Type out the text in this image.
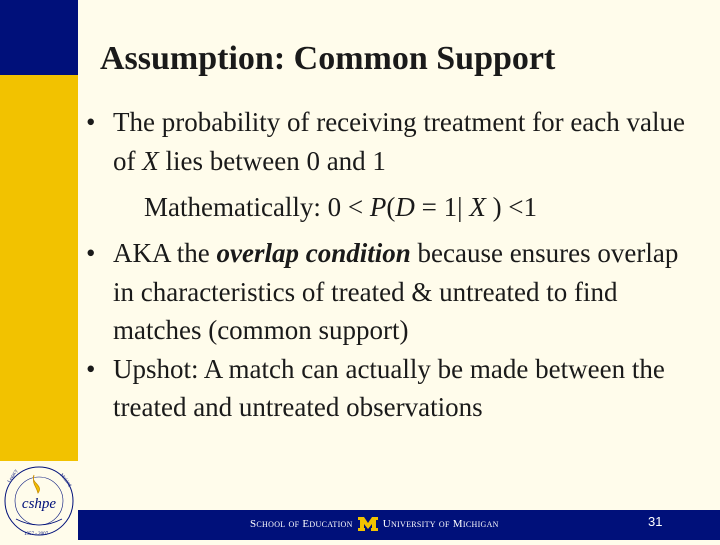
cshpe
Legacy	Making
1957 - 2007
Assumption: Common Support
• The probability of receiving treatment for each value of X lies between 0 and 1
Mathematically: 0 < P(D = 1| X ) <1
• AKA the overlap condition because ensures overlap in characteristics of treated & untreated to find matches (common support)
• Upshot: A match can actually be made between the treated and untreated observations
School of Education	University of Michigan	31
